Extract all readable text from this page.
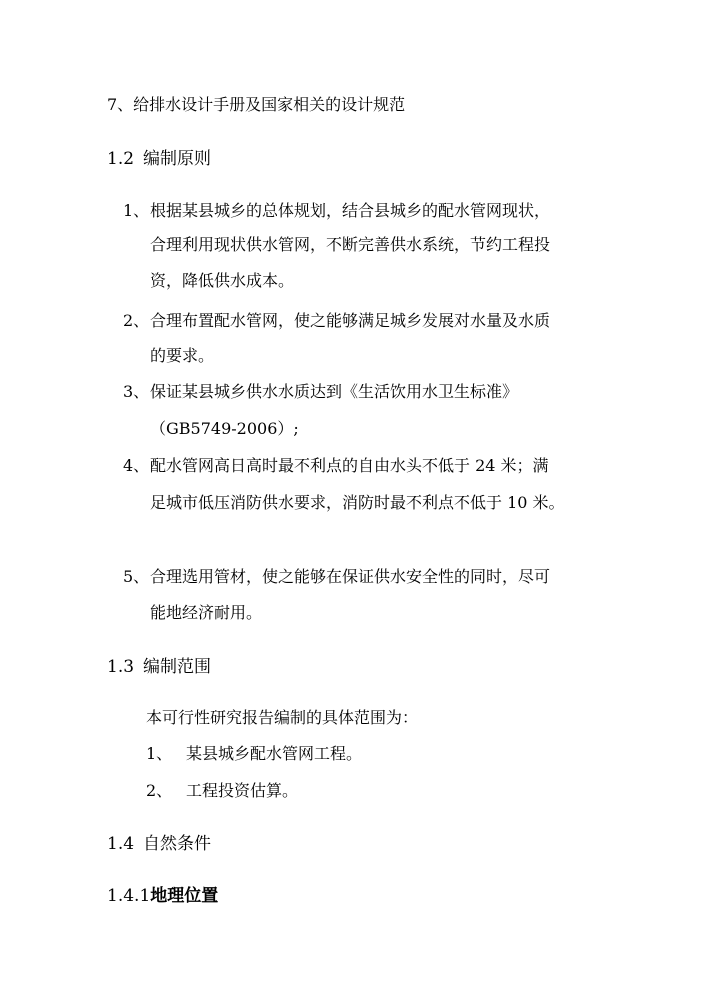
7、给排水设计手册及国家相关的设计规范
1.2 编制原则
1、 根据某县城乡的总体规划，结合县城乡的配水管网现状，
合理利用现状供水管网，不断完善供水系统，节约工程投
资，降低供水成本。
2、 合理布置配水管网，使之能够满足城乡发展对水量及水质
的要求。
3、 保证某县城乡供水水质达到《生活饮用水卫生标准》
（GB5749-2006）;
4、 配水管网高日高时最不利点的自由水头不低于 24 米；满
足城市低压消防供水要求，消防时最不利点不低于 10 米。
5、 合理选用管材，使之能够在保证供水安全性的同时，尽可
能地经济耐用。
1.3 编制范围
本可行性研究报告编制的具体范围为：
1、 某县城乡配水管网工程。
2、 工程投资估算。
1.4 自然条件
1.4.1地理位置
